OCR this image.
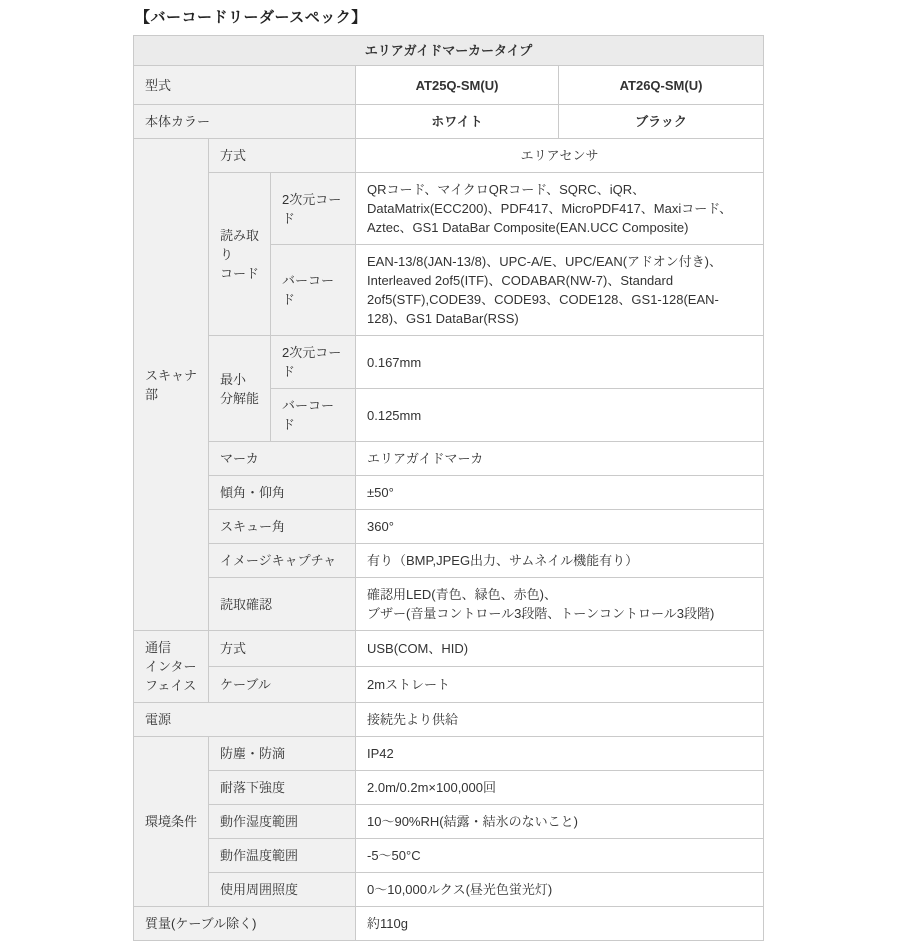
【バーコードリーダースペック】
エリアガイドマーカータイプ				
型式			AT25Q-SM(U)	AT26Q-SM(U)
本体カラー			ホワイト	ブラック
スキャナ部	方式		エリアセンサ	

	読み取り
コード	2次元コード	QRコード、マイクロQRコード、SQRC、iQR、DataMatrix(ECC200)、PDF417、MicroPDF417、Maxiコード、Aztec、GS1 DataBar Composite(EAN.UCC Composite)	
		バーコード	EAN-13/8(JAN-13/8)、UPC-A/E、UPC/EAN(アドオン付き)、Interleaved 2of5(ITF)、CODABAR(NW-7)、Standard 2of5(STF),CODE39、CODE93、CODE128、GS1-128(EAN-128)、GS1 DataBar(RSS)	

	最小
分解能	2次元コード	0.167mm	
		バーコード	0.125mm	
	マーカ		エリアガイドマーカ	
	傾角・仰角		±50°	
	スキュー角		360°	
	イメージキャプチャ		有り（BMP,JPEG出力、サムネイル機能有り）	
	読取確認		確認用LED(青色、緑色、赤色)、
ブザー(音量コントロール3段階、トーンコントロール3段階)	

通信
インター
フェイス	方式		USB(COM、HID)	
	ケーブル		2mストレート	
電源			接続先より供給	
環境条件	防塵・防滴		IP42	
	耐落下強度		2.0m/0.2m×100,000回	
	動作湿度範囲		10～90%RH(結露・結氷のないこと)	
	動作温度範囲		-5～50°C	
	使用周囲照度		0～10,000ルクス(昼光色蛍光灯)	
質量(ケーブル除く)			約110g	
